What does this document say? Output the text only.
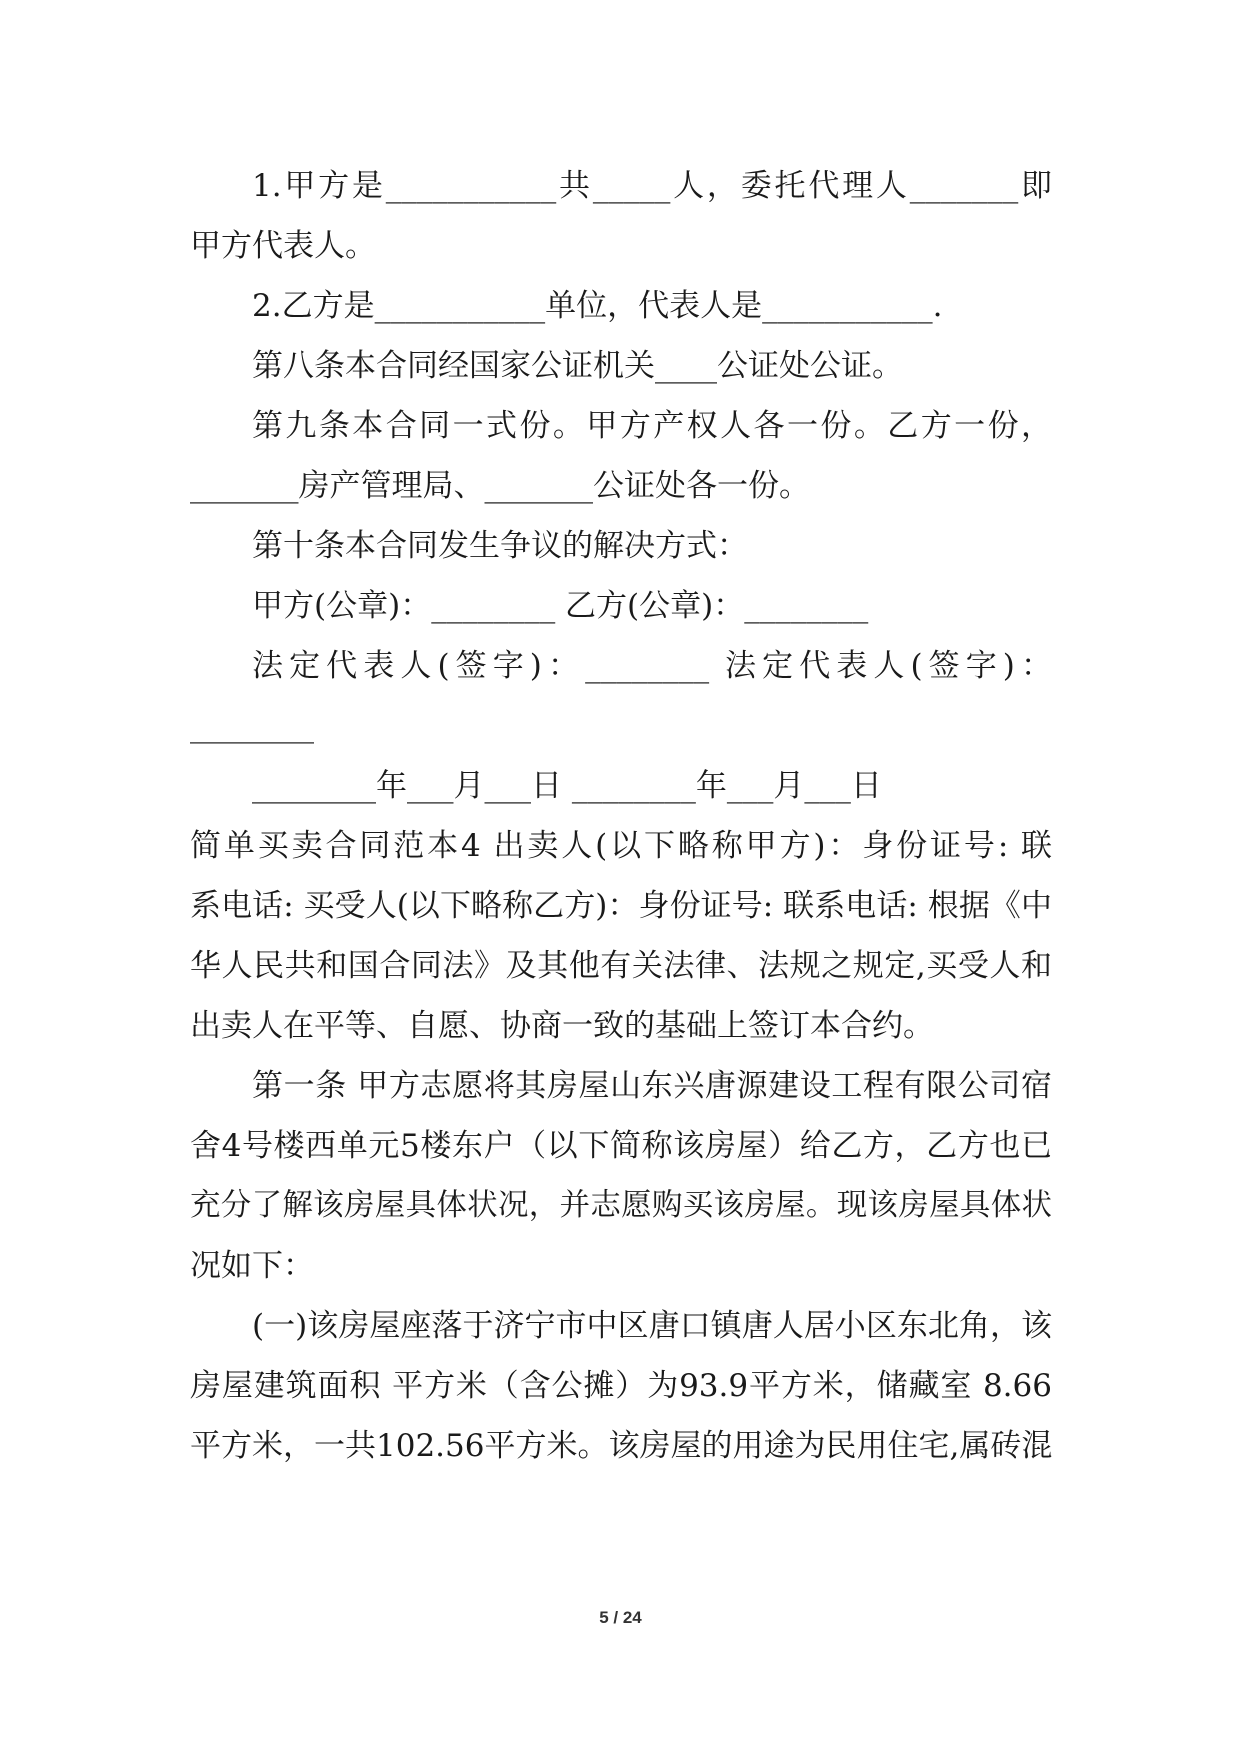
1.甲方是___________共_____人，委托代理人_______即
甲方代表人。
2.乙方是___________单位，代表人是___________.
第八条本合同经国家公证机关____公证处公证。
第九条本合同一式份。甲方产权人各一份。乙方一份，
_______房产管理局、_______公证处各一份。
第十条本合同发生争议的解决方式：
甲方(公章)：________ 乙方(公章)：________
法定代表人(签字)：________ 法定代表人(签字)：
________
________年___月___日 ________年___月___日
简单买卖合同范本4 出卖人(以下略称甲方)：身份证号: 联
系电话: 买受人(以下略称乙方)：身份证号: 联系电话: 根据《中
华人民共和国合同法》及其他有关法律、法规之规定,买受人和
出卖人在平等、自愿、协商一致的基础上签订本合约。
第一条 甲方志愿将其房屋山东兴唐源建设工程有限公司宿
舍4号楼西单元5楼东户（以下简称该房屋）给乙方，乙方也已
充分了解该房屋具体状况，并志愿购买该房屋。现该房屋具体状
况如下：
(一)该房屋座落于济宁市中区唐口镇唐人居小区东北角，该
房屋建筑面积 平方米（含公摊）为93.9平方米，储藏室 8.66
平方米，一共102.56平方米。该房屋的用途为民用住宅,属砖混
5 / 24
